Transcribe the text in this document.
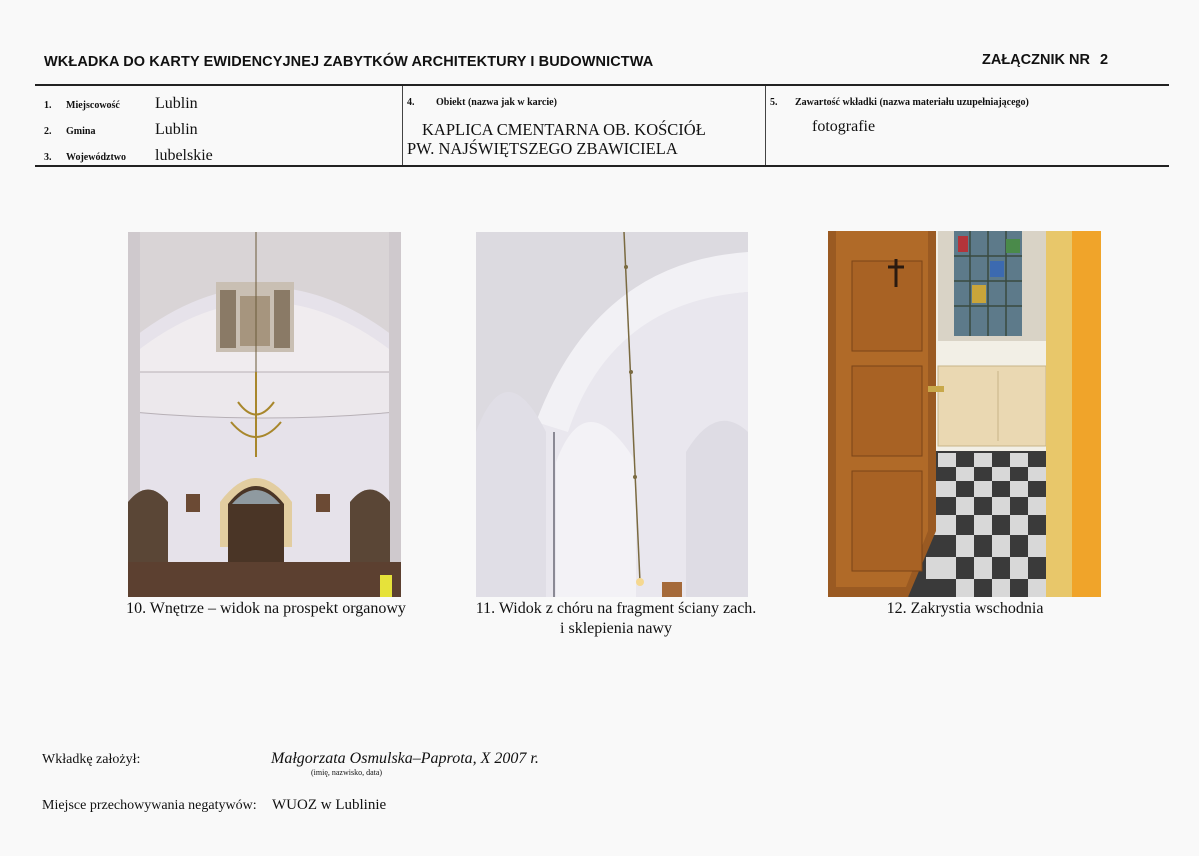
WKŁADKA DO KARTY EWIDENCYJNEJ ZABYTKÓW ARCHITEKTURY I BUDOWNICTWA	ZAŁĄCZNIK NR 2
1. Miejscowość Lublin
2. Gmina	Lublin
3. Województwo lubelskie
4. Obiekt (nazwa jak w karcie)
KAPLICA CMENTARNA OB. KOŚCIÓŁ
PW. NAJŚWIĘTSZEGO ZBAWICIELA
5. Zawartość wkładki (nazwa materiału uzupełniającego)
fotografie
10. Wnętrze – widok na prospekt organowy	11. Widok z chóru na fragment ściany zach.
i sklepienia nawy
12. Zakrystia wschodnia
Wkładkę założył:	Małgorzata Osmulska–Paprota, X 2007 r.
(imię, nazwisko, data)
Miejsce przechowywania negatywów: WUOZ w Lublinie
